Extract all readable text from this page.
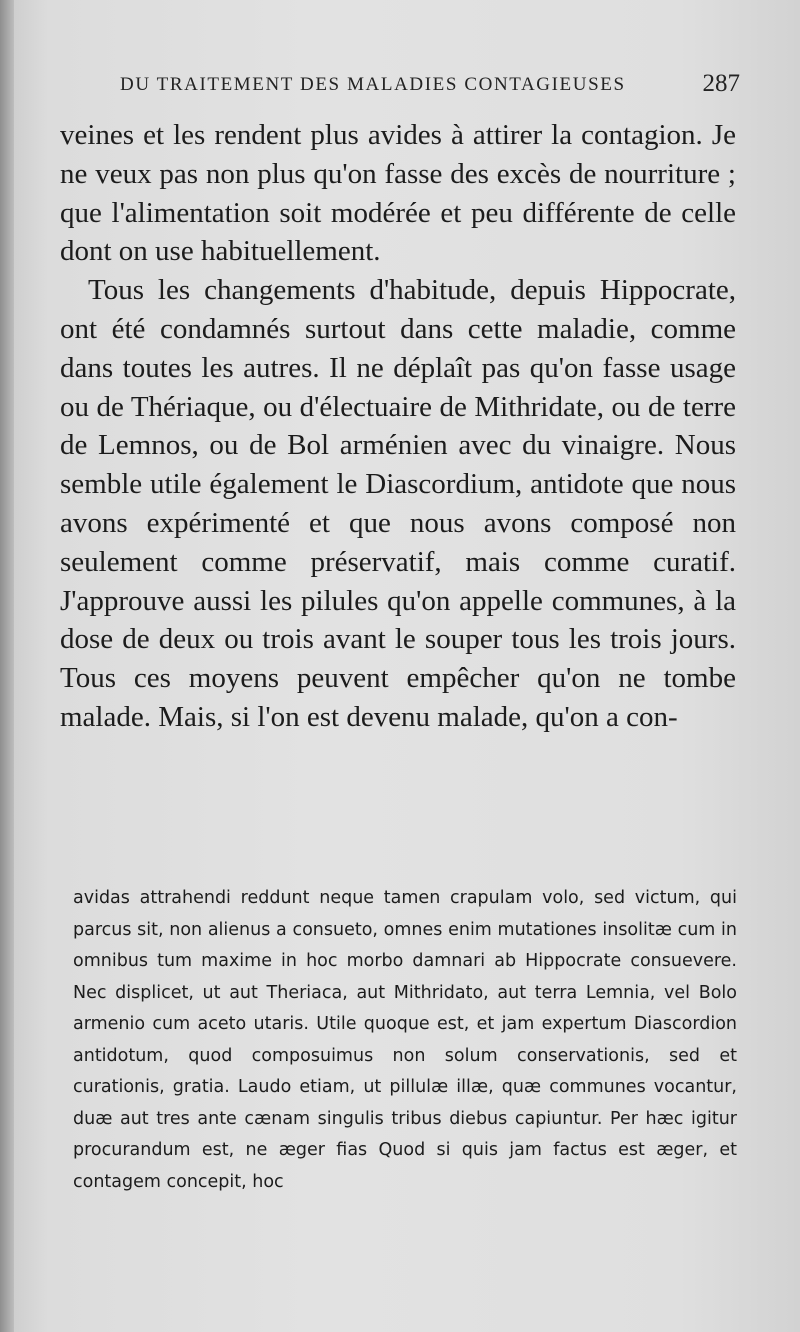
DU TRAITEMENT DES MALADIES CONTAGIEUSES	287

veines et les rendent plus avides à attirer la contagion. Je ne veux pas non plus qu'on fasse des excès de nourriture ; que l'alimentation soit modérée et peu différente de celle dont on use habituellement.

Tous les changements d'habitude, depuis Hippocrate, ont été condamnés surtout dans cette maladie, comme dans toutes les autres. Il ne déplaît pas qu'on fasse usage ou de Thériaque, ou d'électuaire de Mithridate, ou de terre de Lemnos, ou de Bol arménien avec du vinaigre. Nous semble utile également le Diascordium, antidote que nous avons expérimenté et que nous avons composé non seulement comme préservatif, mais comme curatif. J'approuve aussi les pilules qu'on appelle communes, à la dose de deux ou trois avant le souper tous les trois jours. Tous ces moyens peuvent empêcher qu'on ne tombe malade. Mais, si l'on est devenu malade, qu'on a con-

avidas attrahendi reddunt neque tamen crapulam volo, sed victum, qui parcus sit, non alienus a consueto, omnes enim mutationes insolitæ cum in omnibus tum maxime in hoc morbo damnari ab Hippocrate consuevere. Nec displicet, ut aut Theriaca, aut Mithridato, aut terra Lemnia, vel Bolo armenio cum aceto utaris. Utile quoque est, et jam expertum Diascordion antidotum, quod composuimus non solum conservationis, sed et curationis, gratia. Laudo etiam, ut pillulæ illæ, quæ communes vocantur, duæ aut tres ante cænam singulis tribus diebus capiuntur. Per hæc igitur procurandum est, ne æger fias Quod si quis jam factus est æger, et contagem concepit, hoc
